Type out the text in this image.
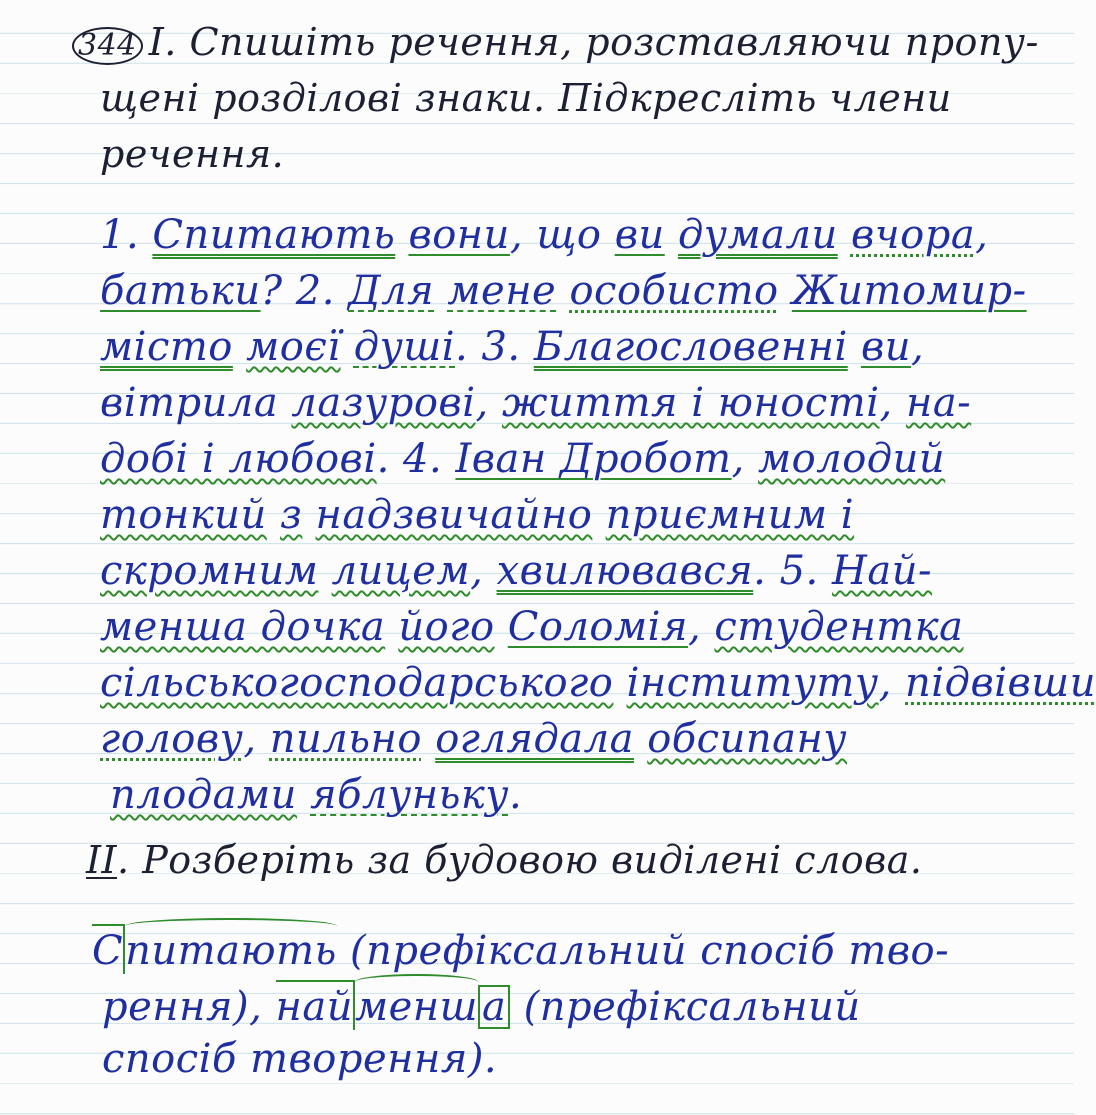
344 I. Спишіть речення, розставляючи пропу-
щені розділові знаки. Підкресліть члени
речення.
1. Спитають вони, що ви думали вчора,
батьки? 2. Для мене особисто Житомир-
місто моєї душі. 3. Благословенні ви,
вітрила лазурові, життя і юності, на-
добі і любові. 4. Іван Дробот, молодий
тонкий з надзвичайно приємним і
скромним лицем, хвилювався. 5. Най-
менша дочка його Соломія, студентка
сільськогосподарського інституту, підвівши
голову, пильно оглядала обсипану
плодами яблуньку.
II. Розберіть за будовою виділені слова.
Спитають (префіксальний спосіб тво-
рення), найменш а (префіксальний
спосіб творення).
